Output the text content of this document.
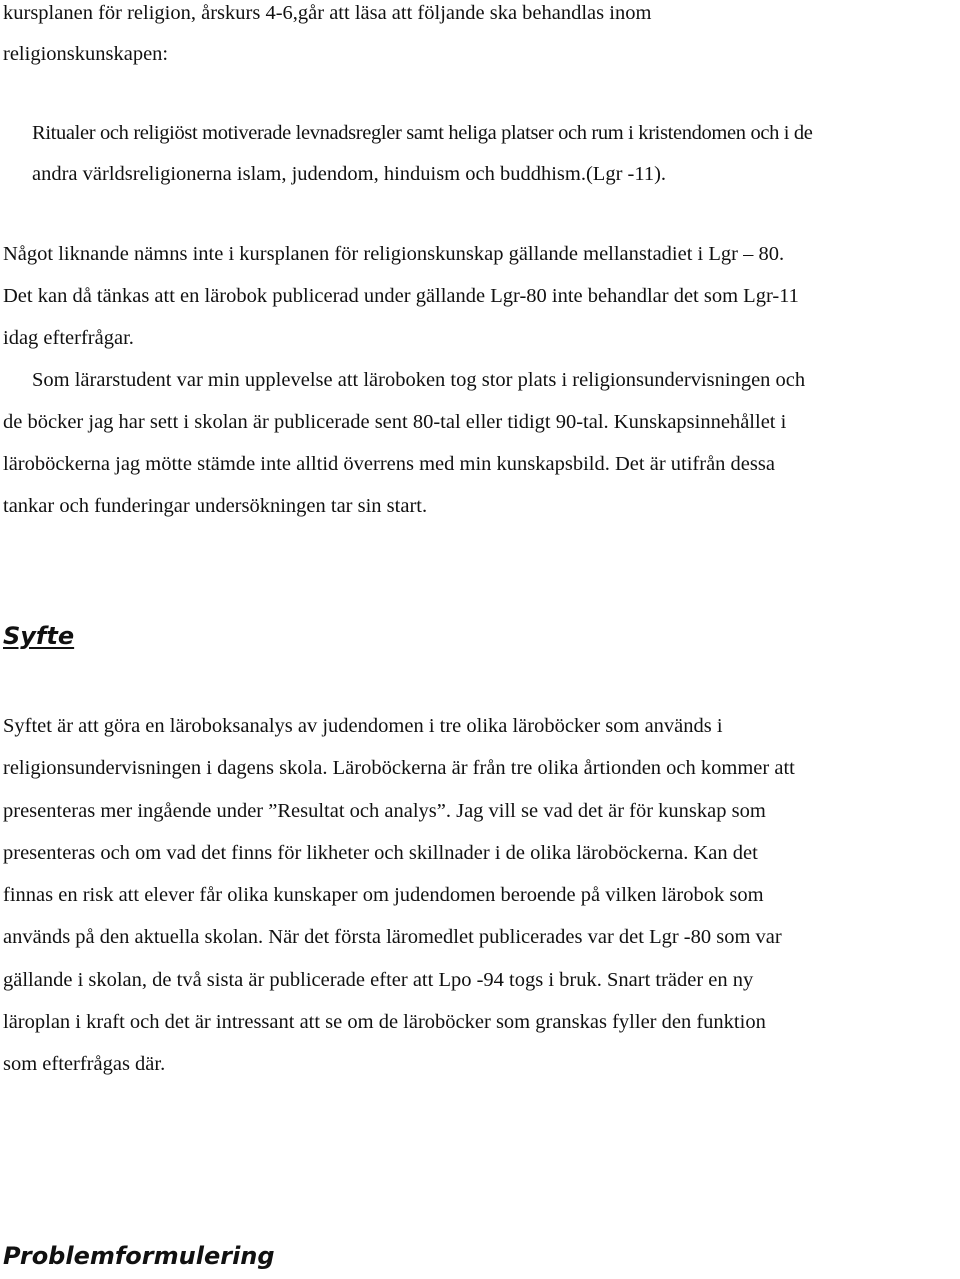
kursplanen för religion, årskurs 4-6,går att läsa att följande ska behandlas inom
religionskunskapen:

Ritualer och religiöst motiverade levnadsregler samt heliga platser och rum i kristendomen och i de
andra världsreligionerna islam, judendom, hinduism och buddhism.(Lgr -11).

Något liknande nämns inte i kursplanen för religionskunskap gällande mellanstadiet i Lgr – 80.
Det kan då tänkas att en lärobok publicerad under gällande Lgr-80 inte behandlar det som Lgr-11
idag efterfrågar.

Som lärarstudent var min upplevelse att läroboken tog stor plats i religionsundervisningen och
de böcker jag har sett i skolan är publicerade sent 80-tal eller tidigt 90-tal. Kunskapsinnehållet i
läroböckerna jag mötte stämde inte alltid överrens med min kunskapsbild. Det är utifrån dessa
tankar och funderingar undersökningen tar sin start.

Syfte

Syftet är att göra en läroboksanalys av judendomen i tre olika läroböcker som används i
religionsundervisningen i dagens skola. Läroböckerna är från tre olika årtionden och kommer att
presenteras mer ingående under ”Resultat och analys”. Jag vill se vad det är för kunskap som
presenteras och om vad det finns för likheter och skillnader i de olika läroböckerna. Kan det
finnas en risk att elever får olika kunskaper om judendomen beroende på vilken lärobok som
används på den aktuella skolan. När det första läromedlet publicerades var det Lgr -80 som var
gällande i skolan, de två sista är publicerade efter att Lpo -94 togs i bruk. Snart träder en ny
läroplan i kraft och det är intressant att se om de läroböcker som granskas fyller den funktion
som efterfrågas där.

Problemformulering
